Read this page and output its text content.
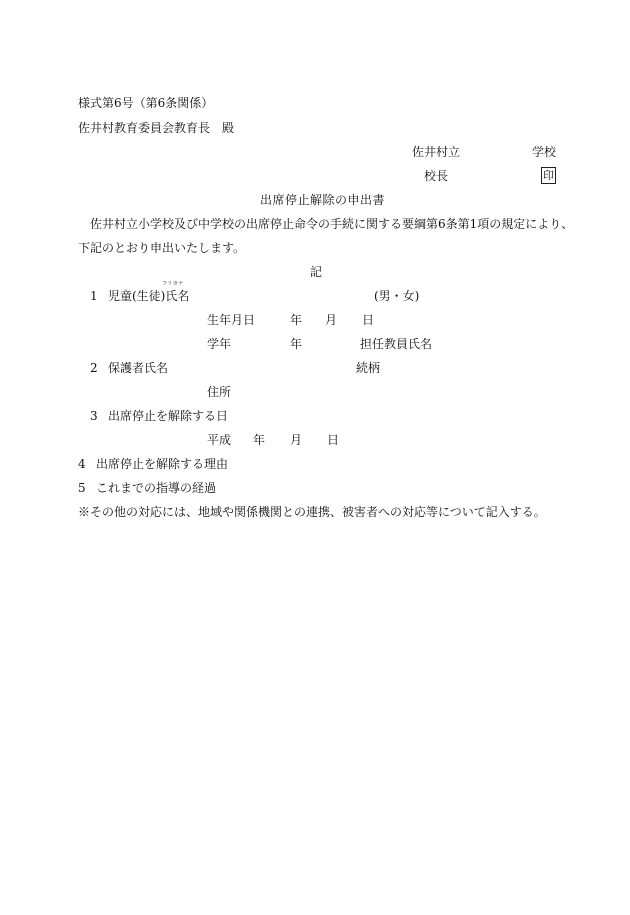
様式第6号（第6条関係）
佐井村教育委員会教育長　殿
佐井村立	学校
校長	印
出席停止解除の申出書
佐井村立小学校及び中学校の出席停止命令の手続に関する要綱第6条第1項の規定により、
下記のとおり申出いたします。
記
1 児童(生徒)氏名
フリガナ
(男・女)
生年月日	年 月 日
学年	年	担任教員氏名
2 保護者氏名	続柄
住所
3 出席停止を解除する日
平成 年 月 日
4 出席停止を解除する理由
5 これまでの指導の経過
※その他の対応には、地域や関係機関との連携、被害者への対応等について記入する。
